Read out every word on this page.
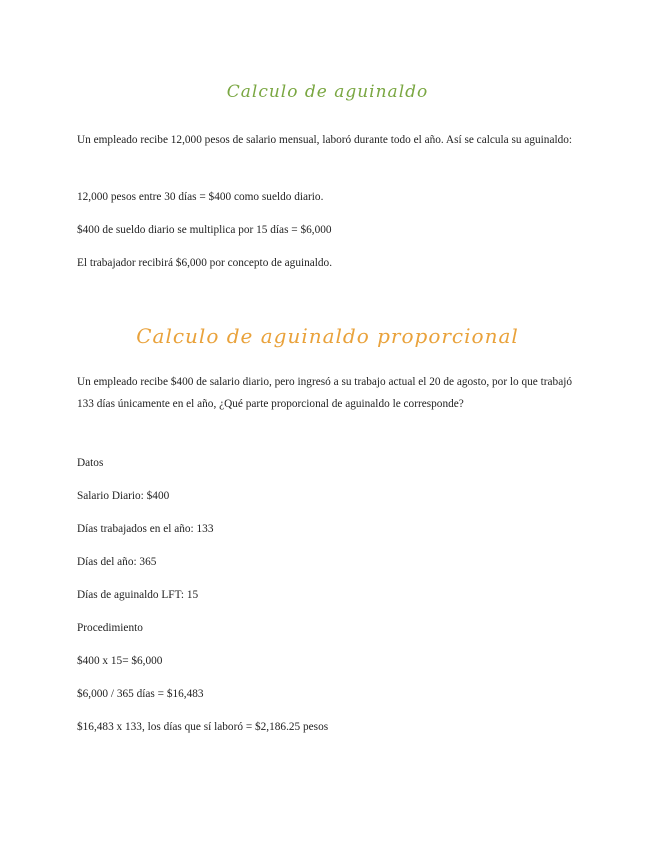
Calculo de aguinaldo

Un empleado recibe 12,000 pesos de salario mensual, laboró durante todo el año. Así se calcula su aguinaldo:

12,000 pesos entre 30 días = $400 como sueldo diario.

$400 de sueldo diario se multiplica por 15 días = $6,000

El trabajador recibirá $6,000 por concepto de aguinaldo.

Calculo de aguinaldo proporcional

Un empleado recibe $400 de salario diario, pero ingresó a su trabajo actual el 20 de agosto, por lo que trabajó 133 días únicamente en el año, ¿Qué parte proporcional de aguinaldo le corresponde?

Datos

Salario Diario: $400

Días trabajados en el año: 133

Días del año: 365

Días de aguinaldo LFT: 15

Procedimiento

$400 x 15= $6,000

$6,000 / 365 días = $16,483

$16,483 x 133, los días que sí laboró = $2,186.25 pesos
